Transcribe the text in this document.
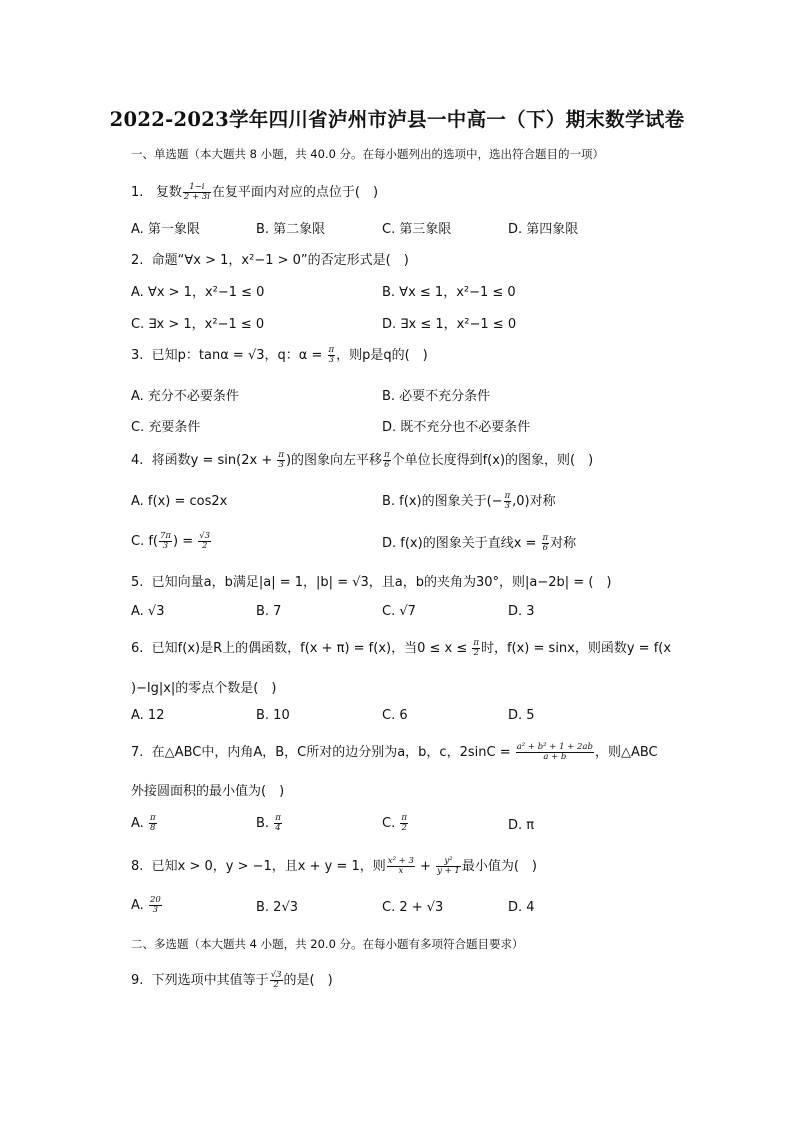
2022-2023学年四川省泸州市泸县一中高一（下）期末数学试卷
一、单选题（本大题共 8 小题，共 40.0 分。在每小题列出的选项中，选出符合题目的一项）
1. 复数 $\frac{1-i}{2 + 3i}$ 在复平面内对应的点位于(　)
A. 第一象限	B. 第二象限	C. 第三象限	D. 第四象限
2. 命题“∀x > 1，x²−1 > 0”的否定形式是(　)
A. ∀x > 1，x²−1 ≤ 0	B. ∀x ≤ 1，x²−1 ≤ 0
C. ∃x > 1，x²−1 ≤ 0	D. ∃x ≤ 1，x²−1 ≤ 0
3. 已知p：tanα = √3，q：$\alpha = \frac{\pi}{3}$ ，则p是q的(　)
A. 充分不必要条件	B. 必要不充分条件
C. 充要条件	D. 既不充分也不必要条件
4. 将函数$y = \sin(2x + \frac{\pi}{3}$ )的图象向左平移 $\frac{\pi}{6}$ 个单位长度得到f(x)的图象，则(　)
A. f(x) = cos2x	B. f(x)的图象关于(− $\frac{\pi}{3} ,0$)对称
C. $f( \frac{7\pi}{3}$ ) = $\frac{√3}{2}$	D. f(x)的图象关于直线$x = \frac{\pi}{6}$ 对称
5. 已知向量a，b满足|a| = 1，|b| = √3，且a，b的夹角为30°，则|a−2b| = (　)
A. √3	B. 7	C. √7	D. 3
6. 已知f(x)是R上的偶函数，f(x + π) = f(x)，当$0 \le x \le \frac{\pi}{2}$ 时，f(x) = sinx，则函数y = f(x
)−lg|x|的零点个数是(　)
A. 12	B. 10	C. 6	D. 5
7. 在△ABC中，内角A，B，C所对的边分别为a，b，c，$2\sin C = \frac{\text{a² + b² + 1 + 2ab}}{a + b}$ ，则△ABC
外接圆面积的最小值为(　)
A. $\frac{\pi}{8}$	B. $\frac{\pi}{4}$	C. $\frac{\pi}{2}$	D. π
8. 已知x > 0，y > −1，且x + y = 1，则 $\frac{\text{x² + 3}}{x} + \frac{\text{y²}}{y + 1}$ 最小值为(　)
A. $\frac{20}{3}$	B. 2√3	C. 2 + √3	D. 4
二、多选题（本大题共 4 小题，共 20.0 分。在每小题有多项符合题目要求）
9. 下列选项中其值等于 $\frac{√3}{2}$ 的是(　)
